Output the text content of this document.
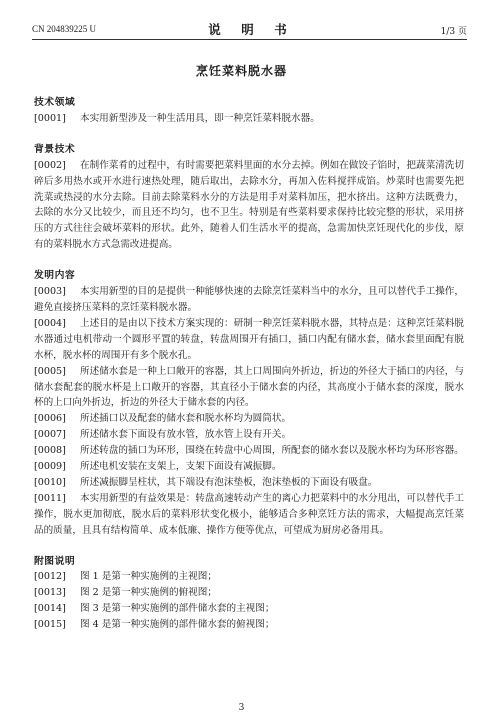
CN 204839225 U	说　明　书	1/3 页
烹饪菜料脱水器
技术领域

[0001] 本实用新型涉及一种生活用具，即一种烹饪菜料脱水器。

背景技术

[0002] 在制作菜肴的过程中，有时需要把菜料里面的水分去掉。例如在做饺子馅时，把蔬菜清洗切碎后多用热水或开水进行速热处理，随后取出，去除水分，再加入佐料搅拌成馅。炒菜时也需要先把洗菜或热浸的水分去除。目前去除菜料水分的方法是用手对菜料加压，把水挤出。这种方法既费力，去除的水分又比较少，而且还不均匀，也不卫生。特别是有些菜料要求保持比较完整的形状，采用挤压的方式往往会破坏菜料的形状。此外，随着人们生活水平的提高，急需加快烹饪现代化的步伐，原有的菜料脱水方式急需改进提高。

发明内容

[0003] 本实用新型的目的是提供一种能够快速的去除烹饪菜料当中的水分，且可以替代手工操作，避免直接挤压菜料的烹饪菜料脱水器。

[0004] 上述目的是由以下技术方案实现的：研制一种烹饪菜料脱水器，其特点是：这种烹饪菜料脱水器通过电机带动一个圆形平置的转盘，转盘周围开有插口，插口内配有储水套，储水套里面配有脱水杯，脱水杯的周围开有多个脱水孔。

[0005] 所述储水套是一种上口敞开的容器，其上口周围向外折边，折边的外径大于插口的内径，与储水套配套的脱水杯是上口敞开的容器，其直径小于储水套的内径，其高度小于储水套的深度，脱水杯的上口向外折边，折边的外径大于储水套的内径。

[0006] 所述插口以及配套的储水套和脱水杯均为圆筒状。

[0007] 所述储水套下面设有放水管，放水管上设有开关。

[0008] 所述转盘的插口为环形，围绕在转盘中心周围，所配套的储水套以及脱水杯均为环形容器。

[0009] 所述电机安装在支架上，支架下面设有减振脚。

[0010] 所述减振脚呈柱状，其下端设有泡沫垫板，泡沫垫板的下面设有吸盘。

[0011] 本实用新型的有益效果是：转盘高速转动产生的离心力把菜料中的水分甩出，可以替代手工操作，脱水更加彻底，脱水后的菜料形状变化极小，能够适合多种烹饪方法的需求，大幅提高烹饪菜品的质量，且具有结构简单、成本低廉、操作方便等优点，可望成为厨房必备用具。

附图说明

[0012] 图 1 是第一种实施例的主视图；

[0013] 图 2 是第一种实施例的俯视图；

[0014] 图 3 是第一种实施例的部件储水套的主视图；

[0015] 图 4 是第一种实施例的部件储水套的俯视图；

3
